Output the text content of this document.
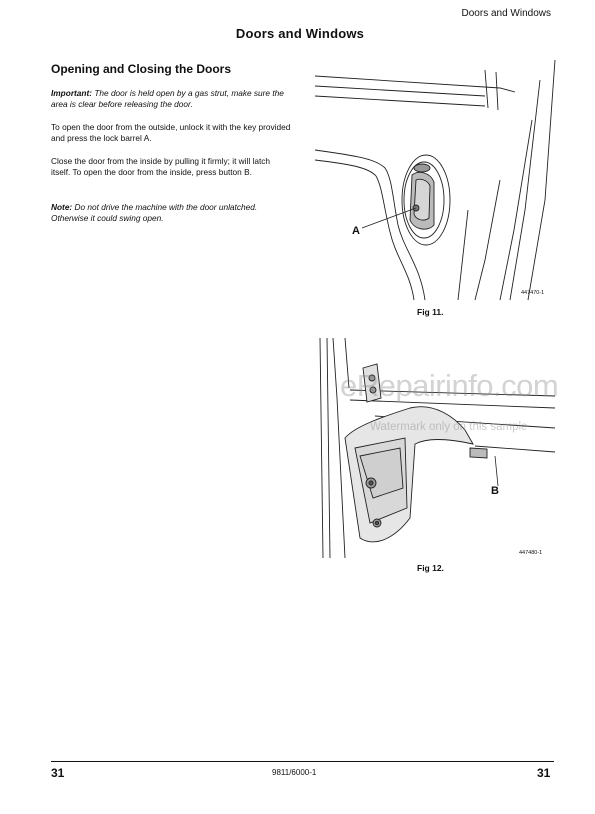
Doors and Windows
Doors and Windows
Opening and Closing the Doors
Important: The door is held open by a gas strut, make sure the area is clear before releasing the door.
To open the door from the outside, unlock it with the key provided and press the lock barrel A.
Close the door from the inside by pulling it firmly; it will latch itself. To open the door from the inside, press button B.
Note: Do not drive the machine with the door unlatched. Otherwise it could swing open.
A
447470-1
Fig 11.
B
447480-1
Fig 12.
eRepairinfo.com
Watermark only on this sample
31	9811/6000-1	31
